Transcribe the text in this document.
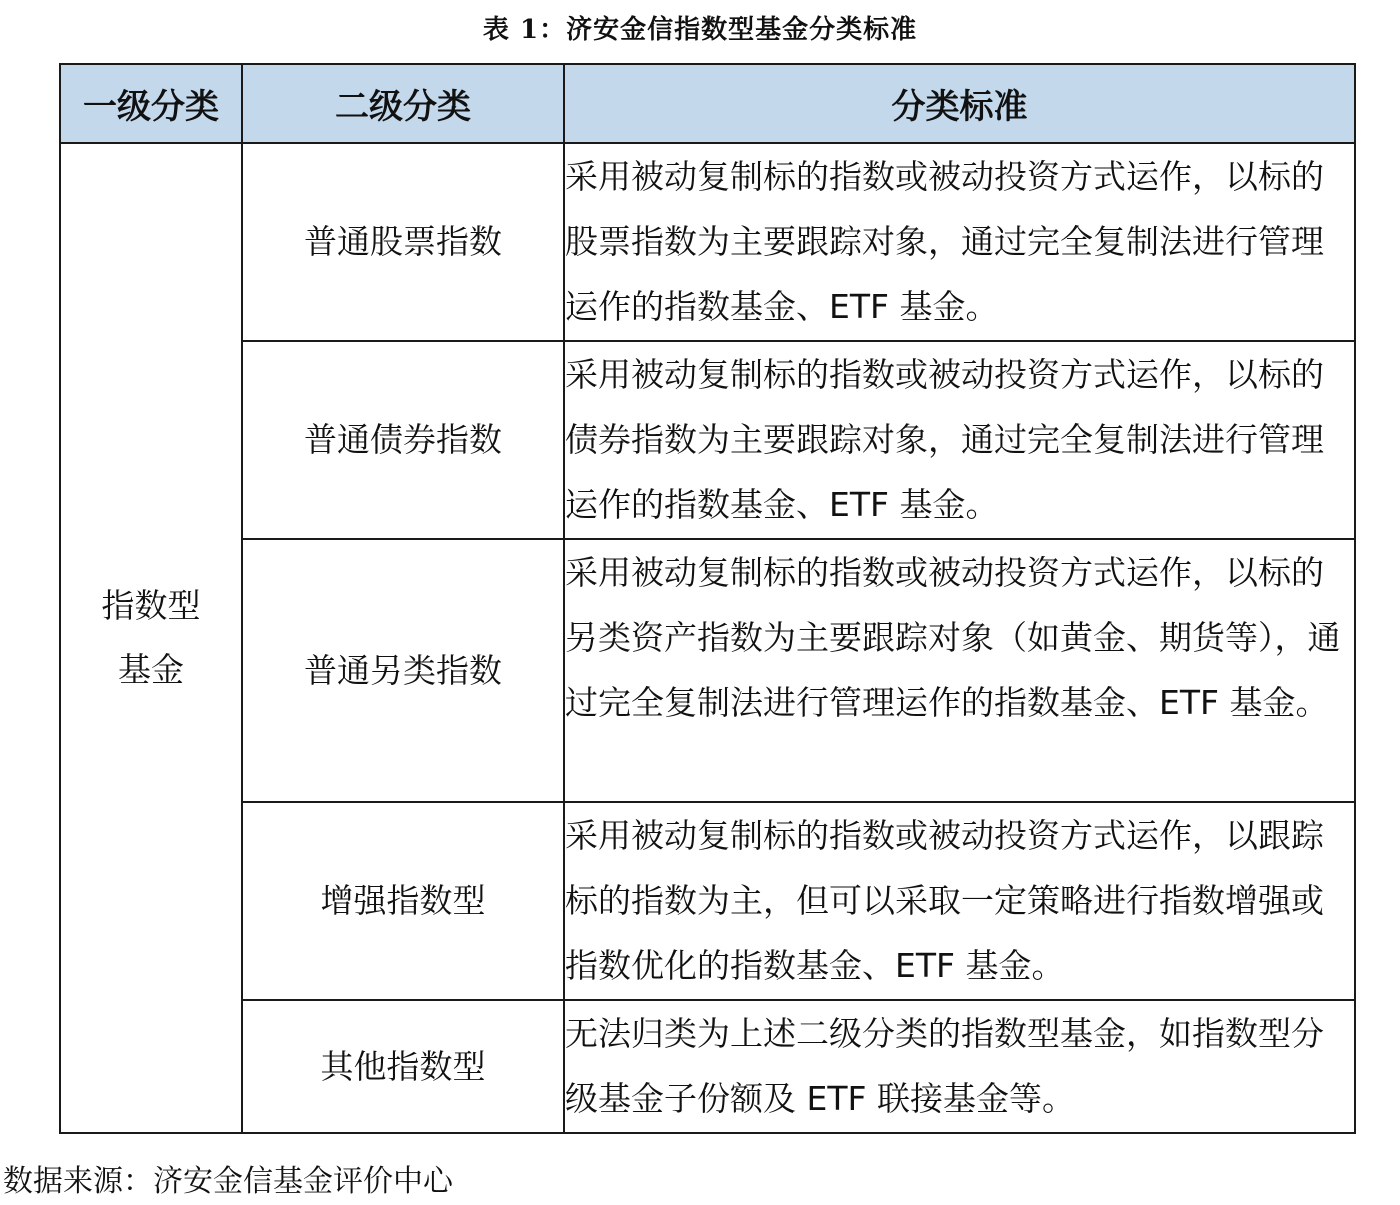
表 1：济安金信指数型基金分类标准
一级分类	二级分类	分类标准

指数型
基金	普通股票指数	采用被动复制标的指数或被动投资方式运作，以标的股票指数为主要跟踪对象，通过完全复制法进行管理运作的指数基金、ETF 基金。
	普通债券指数	采用被动复制标的指数或被动投资方式运作，以标的债券指数为主要跟踪对象，通过完全复制法进行管理运作的指数基金、ETF 基金。
	普通另类指数	采用被动复制标的指数或被动投资方式运作，以标的另类资产指数为主要跟踪对象（如黄金、期货等），通过完全复制法进行管理运作的指数基金、ETF 基金。
	增强指数型	采用被动复制标的指数或被动投资方式运作，以跟踪标的指数为主，但可以采取一定策略进行指数增强或指数优化的指数基金、ETF 基金。
	其他指数型	无法归类为上述二级分类的指数型基金，如指数型分级基金子份额及 ETF 联接基金等。
数据来源：济安金信基金评价中心
